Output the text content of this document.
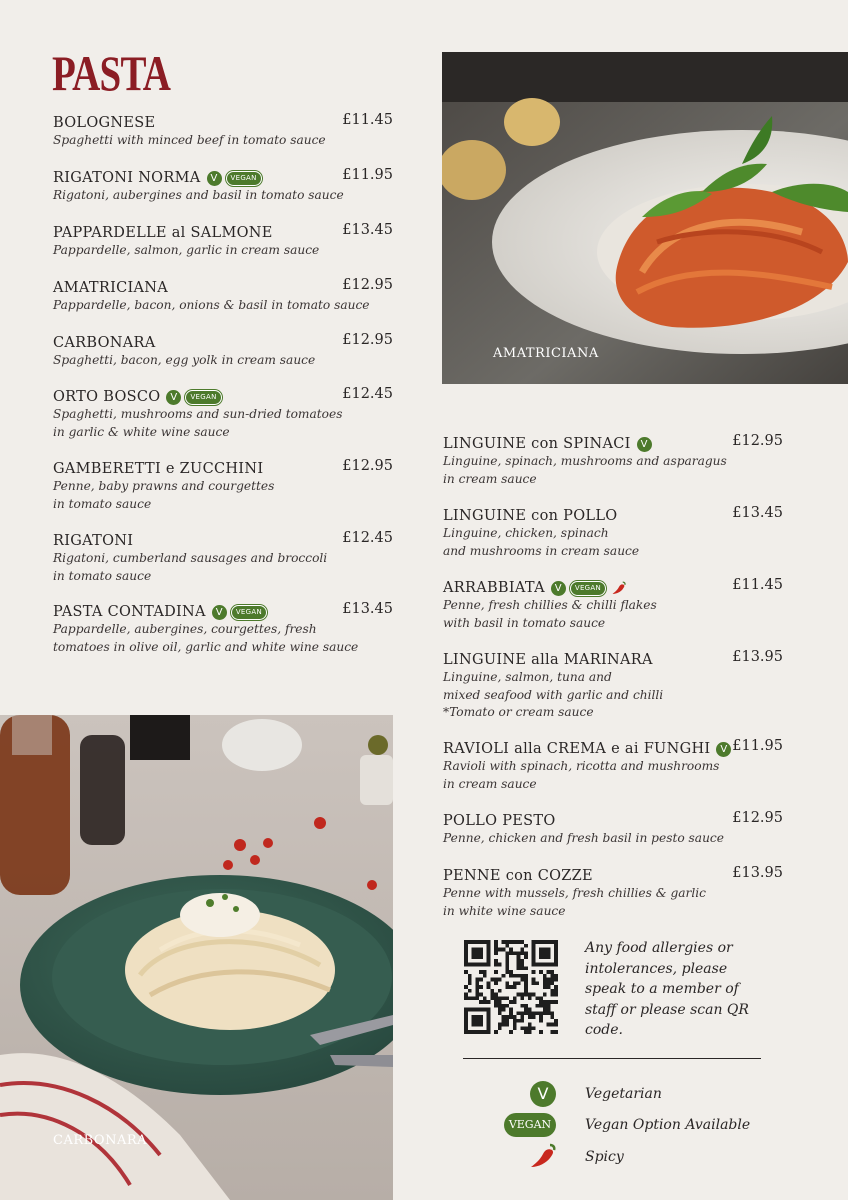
PASTA
BOLOGNESE	£11.45
Spaghetti with minced beef in tomato sauce
RIGATONI NORMA V	VEGAN	£11.95
Rigatoni, aubergines and basil in tomato sauce
PAPPARDELLE al SALMONE	£13.45
Pappardelle, salmon, garlic in cream sauce
AMATRICIANA	£12.95
Pappardelle, bacon, onions & basil in tomato sauce
CARBONARA	£12.95
Spaghetti, bacon, egg yolk in cream sauce
ORTO BOSCO V	VEGAN	£12.45
Spaghetti, mushrooms and sun-dried tomatoes
in garlic & white wine sauce
GAMBERETTI e ZUCCHINI	£12.95
Penne, baby prawns and courgettes
in tomato sauce
RIGATONI	£12.45
Rigatoni, cumberland sausages and broccoli
in tomato sauce
PASTA CONTADINA V	VEGAN	£13.45
Pappardelle, aubergines, courgettes, fresh
tomatoes in olive oil, garlic and white wine sauce
LINGUINE con SPINACI V	£12.95
Linguine, spinach, mushrooms and asparagus
in cream sauce
LINGUINE con POLLO	£13.45
Linguine, chicken, spinach
and mushrooms in cream sauce
ARRABBIATA V	VEGAN	£11.45
Penne, fresh chillies & chilli flakes
with basil in tomato sauce
LINGUINE alla MARINARA	£13.95
Linguine, salmon, tuna and
mixed seafood with garlic and chilli
*Tomato or cream sauce
RAVIOLI alla CREMA e ai FUNGHI V £11.95
Ravioli with spinach, ricotta and mushrooms
in cream sauce
POLLO PESTO	£12.95
Penne, chicken and fresh basil in pesto sauce
PENNE con COZZE	£13.95
Penne with mussels, fresh chillies & garlic
in white wine sauce
AMATRICIANA
CARBONARA
Any food allergies or intolerances, please speak to a member of staff or please scan QR code.
V	Vegetarian
VEGAN	Vegan Option Available
Spicy
